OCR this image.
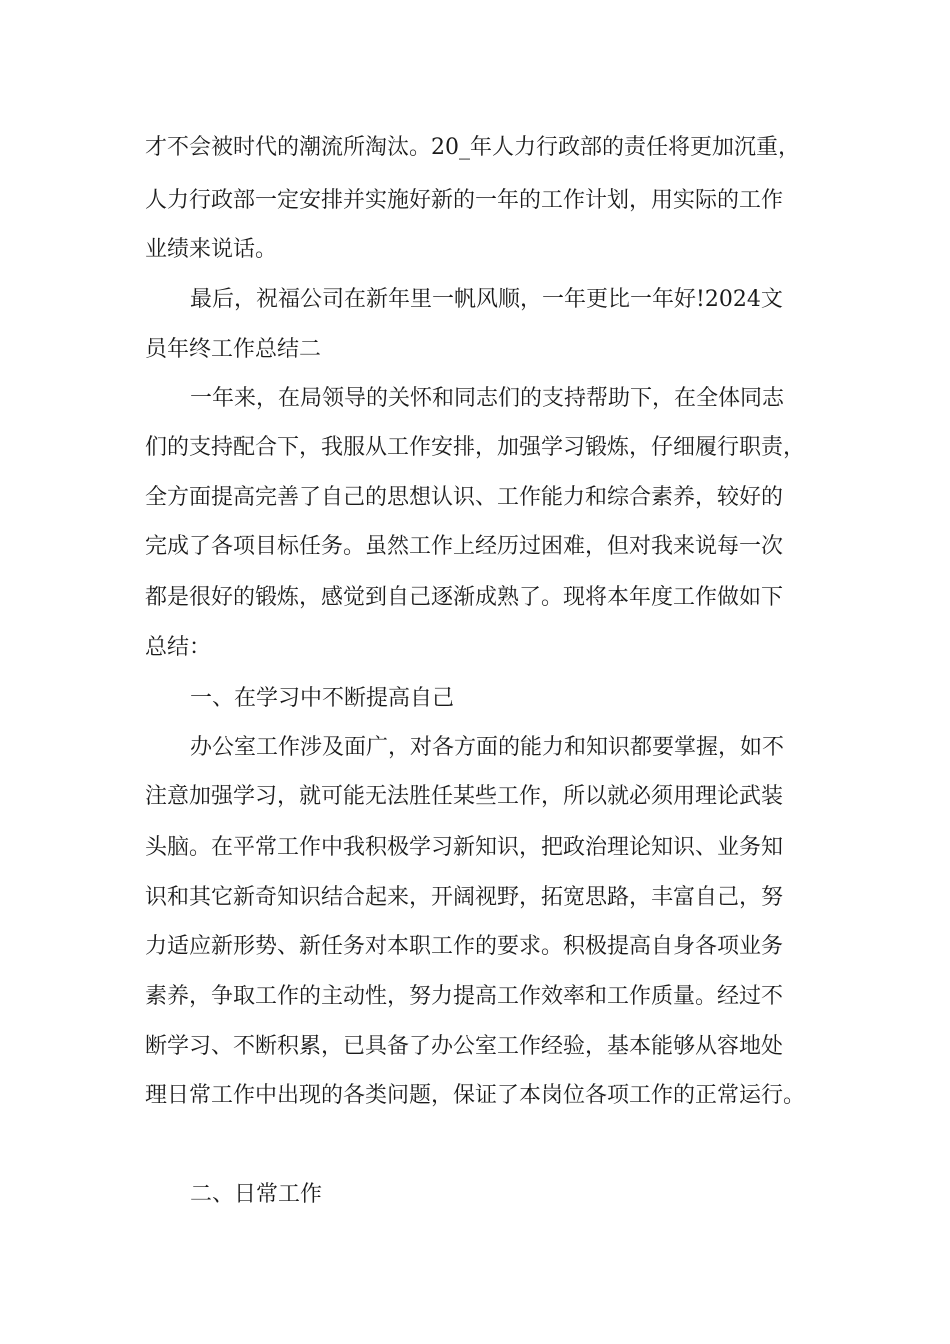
才不会被时代的潮流所淘汰。20_年人力行政部的责任将更加沉重，

人力行政部一定安排并实施好新的一年的工作计划，用实际的工作

业绩来说话。

最后，祝福公司在新年里一帆风顺，一年更比一年好!2024文

员年终工作总结二

一年来，在局领导的关怀和同志们的支持帮助下，在全体同志

们的支持配合下，我服从工作安排，加强学习锻炼，仔细履行职责，

全方面提高完善了自己的思想认识、工作能力和综合素养，较好的

完成了各项目标任务。虽然工作上经历过困难，但对我来说每一次

都是很好的锻炼，感觉到自己逐渐成熟了。现将本年度工作做如下

总结：

一、在学习中不断提高自己

办公室工作涉及面广，对各方面的能力和知识都要掌握，如不

注意加强学习，就可能无法胜任某些工作，所以就必须用理论武装

头脑。在平常工作中我积极学习新知识，把政治理论知识、业务知

识和其它新奇知识结合起来，开阔视野，拓宽思路，丰富自己，努

力适应新形势、新任务对本职工作的要求。积极提高自身各项业务

素养，争取工作的主动性，努力提高工作效率和工作质量。经过不

断学习、不断积累，已具备了办公室工作经验，基本能够从容地处

理日常工作中出现的各类问题，保证了本岗位各项工作的正常运行。

二、日常工作
